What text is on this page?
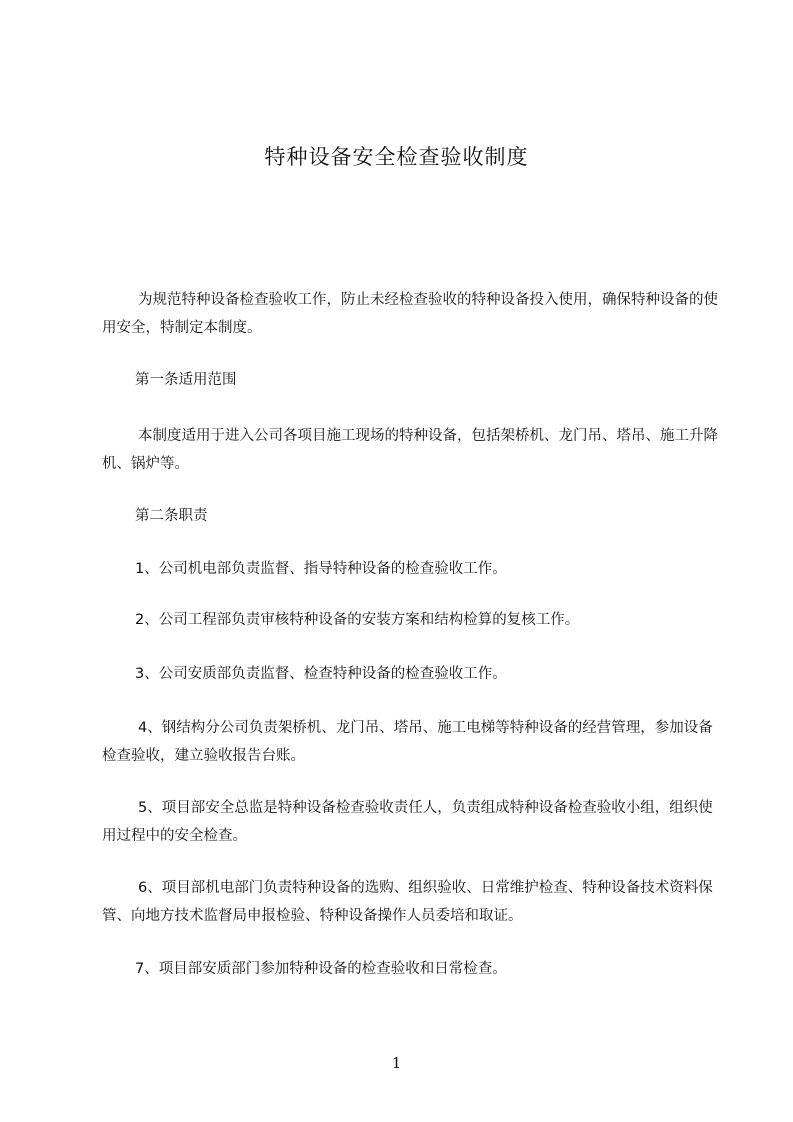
特种设备安全检查验收制度

为规范特种设备检查验收工作，防止未经检查验收的特种设备投入使用，确保特种设备的使用安全，特制定本制度。

第一条适用范围

本制度适用于进入公司各项目施工现场的特种设备，包括架桥机、龙门吊、塔吊、施工升降机、锅炉等。

第二条职责

1、公司机电部负责监督、指导特种设备的检查验收工作。

2、公司工程部负责审核特种设备的安装方案和结构检算的复核工作。

3、公司安质部负责监督、检查特种设备的检查验收工作。

4、钢结构分公司负责架桥机、龙门吊、塔吊、施工电梯等特种设备的经营管理，参加设备检查验收，建立验收报告台账。

5、项目部安全总监是特种设备检查验收责任人，负责组成特种设备检查验收小组，组织使用过程中的安全检查。

6、项目部机电部门负责特种设备的选购、组织验收、日常维护检查、特种设备技术资料保管、向地方技术监督局申报检验、特种设备操作人员委培和取证。

7、项目部安质部门参加特种设备的检查验收和日常检查。

1
